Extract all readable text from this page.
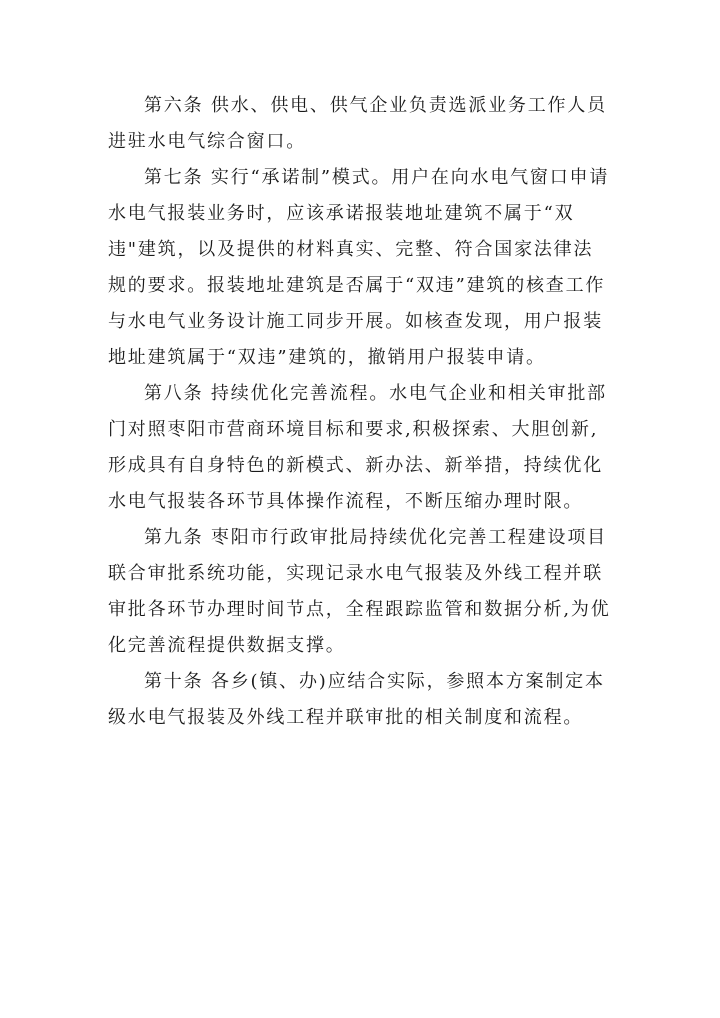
第六条 供水、供电、供气企业负责选派业务工作人员进驻水电气综合窗口。

第七条 实行“承诺制”模式。用户在向水电气窗口申请水电气报装业务时，应该承诺报装地址建筑不属于“双违"建筑，以及提供的材料真实、完整、符合国家法律法规的要求。报装地址建筑是否属于“双违”建筑的核查工作与水电气业务设计施工同步开展。如核查发现，用户报装地址建筑属于“双违”建筑的，撤销用户报装申请。

第八条 持续优化完善流程。水电气企业和相关审批部门对照枣阳市营商环境目标和要求,积极探索、大胆创新,形成具有自身特色的新模式、新办法、新举措，持续优化水电气报装各环节具体操作流程，不断压缩办理时限。

第九条 枣阳市行政审批局持续优化完善工程建设项目联合审批系统功能，实现记录水电气报装及外线工程并联审批各环节办理时间节点，全程跟踪监管和数据分析,为优化完善流程提供数据支撑。

第十条 各乡(镇、办)应结合实际，参照本方案制定本级水电气报装及外线工程并联审批的相关制度和流程。
